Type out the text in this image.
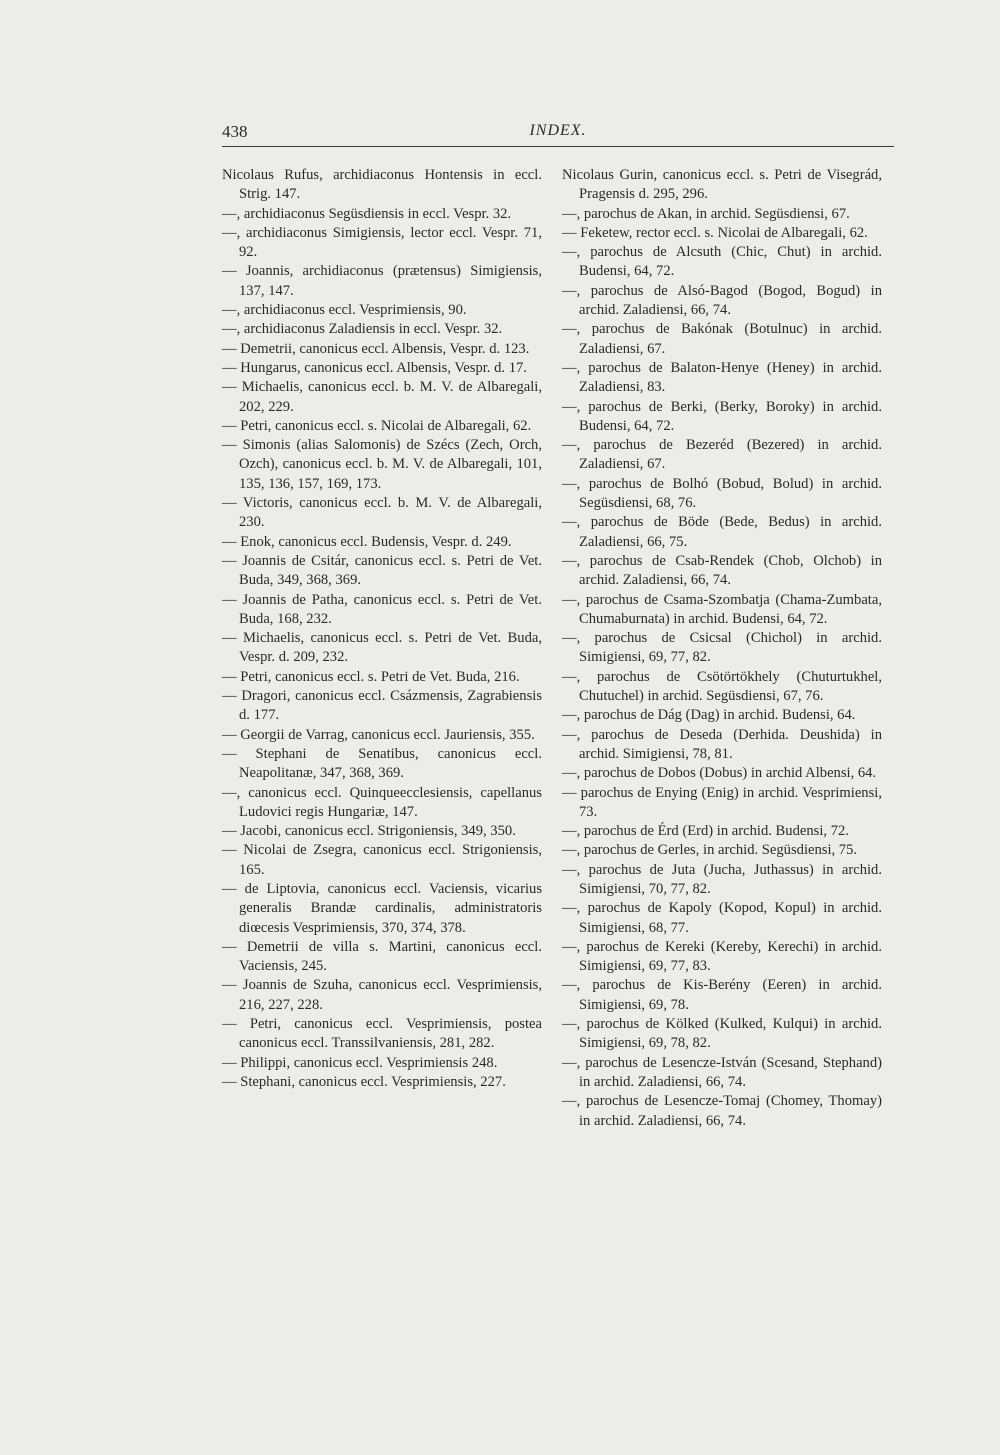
438	INDEX.

Nicolaus Rufus, archidiaconus Hontensis in eccl. Strig. 147.

—, archidiaconus Següsdiensis in eccl. Vespr. 32.

—, archidiaconus Simigiensis, lector eccl. Vespr. 71, 92.

— Joannis, archidiaconus (prætensus) Simigiensis, 137, 147.

—, archidiaconus eccl. Vesprimiensis, 90.

—, archidiaconus Zaladiensis in eccl. Vespr. 32.

— Demetrii, canonicus eccl. Albensis, Vespr. d. 123.

— Hungarus, canonicus eccl. Albensis, Vespr. d. 17.

— Michaelis, canonicus eccl. b. M. V. de Albaregali, 202, 229.

— Petri, canonicus eccl. s. Nicolai de Albaregali, 62.

— Simonis (alias Salomonis) de Szécs (Zech, Orch, Ozch), canonicus eccl. b. M. V. de Albaregali, 101, 135, 136, 157, 169, 173.

— Victoris, canonicus eccl. b. M. V. de Albaregali, 230.

— Enok, canonicus eccl. Budensis, Vespr. d. 249.

— Joannis de Csitár, canonicus eccl. s. Petri de Vet. Buda, 349, 368, 369.

— Joannis de Patha, canonicus eccl. s. Petri de Vet. Buda, 168, 232.

— Michaelis, canonicus eccl. s. Petri de Vet. Buda, Vespr. d. 209, 232.

— Petri, canonicus eccl. s. Petri de Vet. Buda, 216.

— Dragori, canonicus eccl. Csázmensis, Zagrabiensis d. 177.

— Georgii de Varrag, canonicus eccl. Jauriensis, 355.

— Stephani de Senatibus, canonicus eccl. Neapolitanæ, 347, 368, 369.

—, canonicus eccl. Quinqueecclesiensis, capellanus Ludovici regis Hungariæ, 147.

— Jacobi, canonicus eccl. Strigoniensis, 349, 350.

— Nicolai de Zsegra, canonicus eccl. Strigoniensis, 165.

— de Liptovia, canonicus eccl. Vaciensis, vicarius generalis Brandæ cardinalis, administratoris diœcesis Vesprimiensis, 370, 374, 378.

— Demetrii de villa s. Martini, canonicus eccl. Vaciensis, 245.

— Joannis de Szuha, canonicus eccl. Vesprimiensis, 216, 227, 228.

— Petri, canonicus eccl. Vesprimiensis, postea canonicus eccl. Transsilvaniensis, 281, 282.

— Philippi, canonicus eccl. Vesprimiensis 248.

— Stephani, canonicus eccl. Vesprimiensis, 227.

Nicolaus Gurin, canonicus eccl. s. Petri de Visegrád, Pragensis d. 295, 296.

—, parochus de Akan, in archid. Següsdiensi, 67.

— Feketew, rector eccl. s. Nicolai de Albaregali, 62.

—, parochus de Alcsuth (Chic, Chut) in archid. Budensi, 64, 72.

—, parochus de Alsó-Bagod (Bogod, Bogud) in archid. Zaladiensi, 66, 74.

—, parochus de Bakónak (Botulnuc) in archid. Zaladiensi, 67.

—, parochus de Balaton-Henye (Heney) in archid. Zaladiensi, 83.

—, parochus de Berki, (Berky, Boroky) in archid. Budensi, 64, 72.

—, parochus de Bezeréd (Bezered) in archid. Zaladiensi, 67.

—, parochus de Bolhó (Bobud, Bolud) in archid. Següsdiensi, 68, 76.

—, parochus de Böde (Bede, Bedus) in archid. Zaladiensi, 66, 75.

—, parochus de Csab-Rendek (Chob, Olchob) in archid. Zaladiensi, 66, 74.

—, parochus de Csama-Szombatja (Chama-Zumbata, Chumaburnata) in archid. Budensi, 64, 72.

—, parochus de Csicsal (Chichol) in archid. Simigiensi, 69, 77, 82.

—, parochus de Csötörtökhely (Chuturtukhel, Chutuchel) in archid. Següsdiensi, 67, 76.

—, parochus de Dág (Dag) in archid. Budensi, 64.

—, parochus de Deseda (Derhida. Deushida) in archid. Simigiensi, 78, 81.

—, parochus de Dobos (Dobus) in archid Albensi, 64.

— parochus de Enying (Enig) in archid. Vesprimiensi, 73.

—, parochus de Érd (Erd) in archid. Budensi, 72.

—, parochus de Gerles, in archid. Següsdiensi, 75.

—, parochus de Juta (Jucha, Juthassus) in archid. Simigiensi, 70, 77, 82.

—, parochus de Kapoly (Kopod, Kopul) in archid. Simigiensi, 68, 77.

—, parochus de Kereki (Kereby, Kerechi) in archid. Simigiensi, 69, 77, 83.

—, parochus de Kis-Berény (Eeren) in archid. Simigiensi, 69, 78.

—, parochus de Kölked (Kulked, Kulqui) in archid. Simigiensi, 69, 78, 82.

—, parochus de Lesencze-István (Scesand, Stephand) in archid. Zaladiensi, 66, 74.

—, parochus de Lesencze-Tomaj (Chomey, Thomay) in archid. Zaladiensi, 66, 74.
